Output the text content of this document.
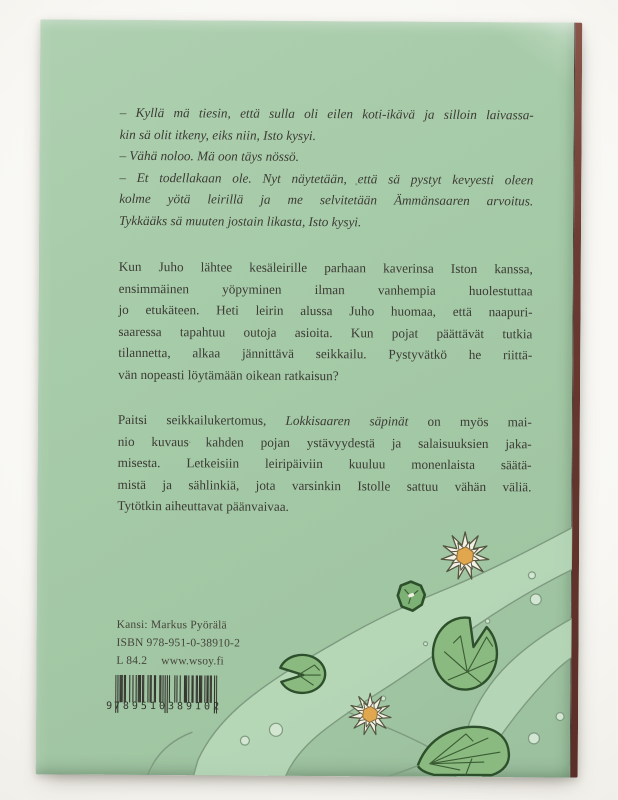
– Kyllä mä tiesin, että sulla oli eilen koti-ikävä ja silloin laivassa-

kin sä olit itkeny, eiks niin, Isto kysyi.

– Vähä noloo. Mä oon täys nössö.

– Et todellakaan ole. Nyt näytetään, että sä pystyt kevyesti oleen

kolme yötä leirillä ja me selvitetään Ämmänsaaren arvoitus.

Tykkääks sä muuten jostain likasta, Isto kysyi.

Kun Juho lähtee kesäleirille parhaan kaverinsa Iston kanssa,

ensimmäinen yöpyminen ilman vanhempia huolestuttaa

jo etukäteen. Heti leirin alussa Juho huomaa, että naapuri-

saaressa tapahtuu outoja asioita. Kun pojat päättävät tutkia

tilannetta, alkaa jännittävä seikkailu. Pystyvätkö he riittä-

vän nopeasti löytämään oikean ratkaisun?

Paitsi seikkailukertomus, Lokkisaaren säpinät on myös mai-

nio kuvaus kahden pojan ystävyydestä ja salaisuuksien jaka-

misesta. Letkeisiin leiripäiviin kuuluu monenlaista säätä-

mistä ja sählinkiä, jota varsinkin Istolle sattuu vähän väliä.

Tytötkin aiheuttavat päänvaivaa.

Kansi: Markus Pyörälä

ISBN 978-951-0-38910-2

L 84.2 www.wsoy.fi

9 789510 389102
